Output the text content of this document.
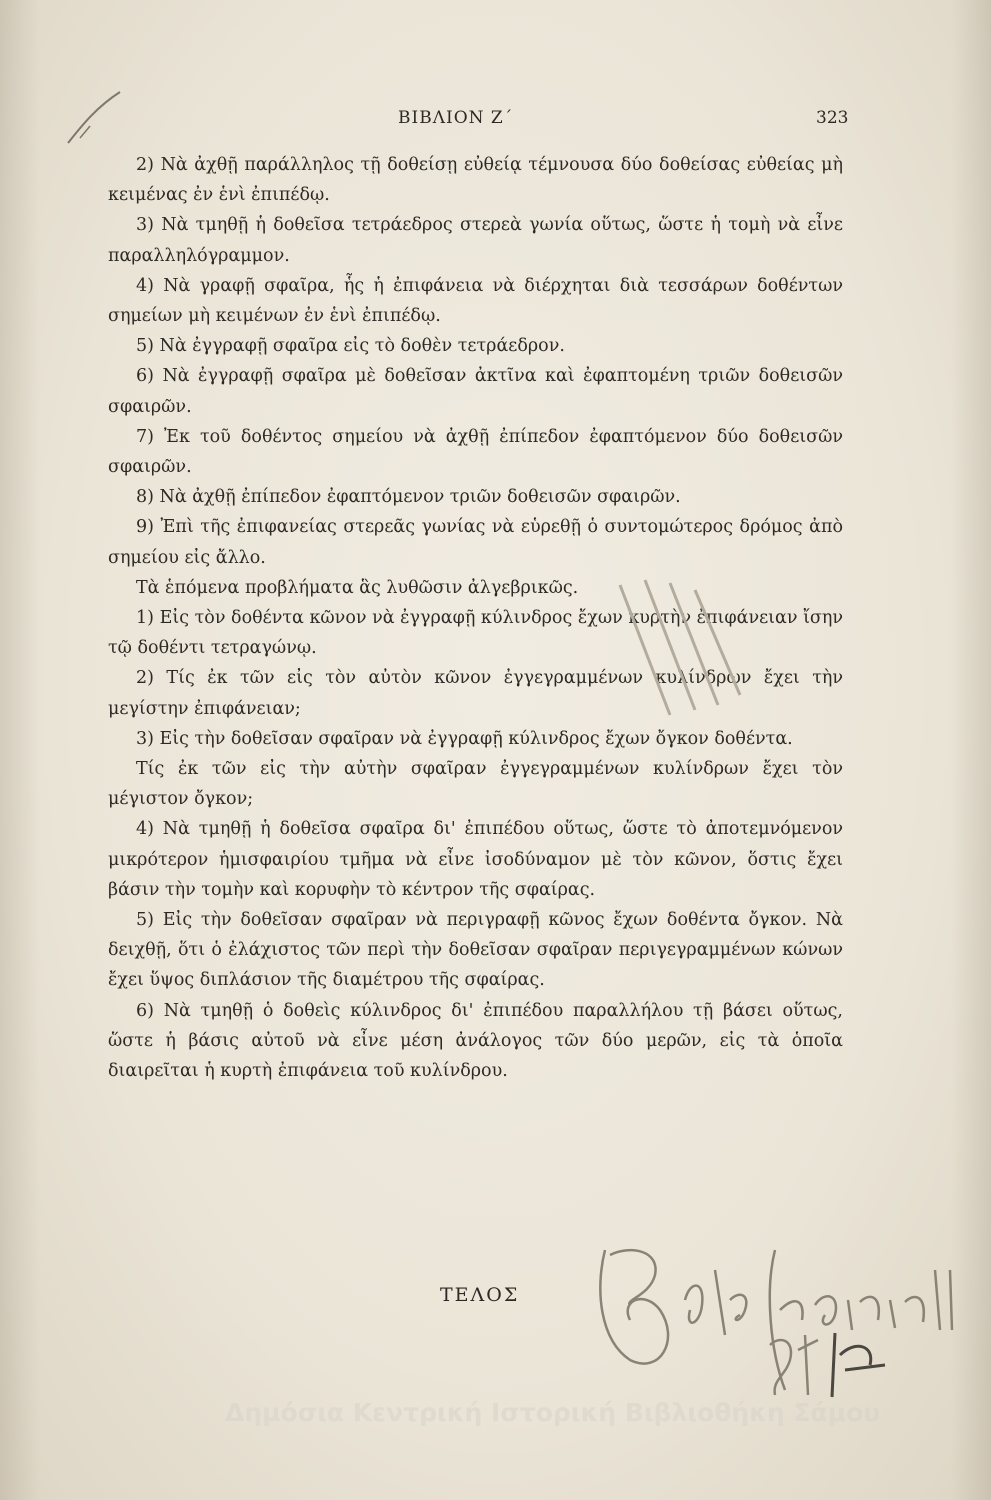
ΒΙΒΛΙΟΝ Ζ΄	323

2) Νὰ ἀχθῇ παράλληλος τῇ δοθείσῃ εὐθείᾳ τέμνουσα δύο δοθείσας εὐθείας μὴ κειμένας ἐν ἑνὶ ἐπιπέδῳ.

3) Νὰ τμηθῇ ἡ δοθεῖσα τετράεδρος στερεὰ γωνία οὕτως, ὥστε ἡ τομὴ νὰ εἶνε παραλληλόγραμμον.

4) Νὰ γραφῇ σφαῖρα, ἧς ἡ ἐπιφάνεια νὰ διέρχηται διὰ τεσσάρων δοθέντων σημείων μὴ κειμένων ἐν ἑνὶ ἐπιπέδῳ.

5) Νὰ ἐγγραφῇ σφαῖρα εἰς τὸ δοθὲν τετράεδρον.

6) Νὰ ἐγγραφῇ σφαῖρα μὲ δοθεῖσαν ἀκτῖνα καὶ ἐφαπτομένη τριῶν δοθεισῶν σφαιρῶν.

7) Ἐκ τοῦ δοθέντος σημείου νὰ ἀχθῇ ἐπίπεδον ἐφαπτόμενον δύο δοθεισῶν σφαιρῶν.

8) Νὰ ἀχθῇ ἐπίπεδον ἐφαπτόμενον τριῶν δοθεισῶν σφαιρῶν.

9) Ἐπὶ τῆς ἐπιφανείας στερεᾶς γωνίας νὰ εὑρεθῇ ὁ συντομώτερος δρόμος ἀπὸ σημείου εἰς ἄλλο.

Τὰ ἑπόμενα προβλήματα ἃς λυθῶσιν ἀλγεβρικῶς.

1) Εἰς τὸν δοθέντα κῶνον νὰ ἐγγραφῇ κύλινδρος ἔχων κυρτὴν ἐπιφάνειαν ἴσην τῷ δοθέντι τετραγώνῳ.

2) Τίς ἐκ τῶν εἰς τὸν αὐτὸν κῶνον ἐγγεγραμμένων κυλίνδρων ἔχει τὴν μεγίστην ἐπιφάνειαν;

3) Εἰς τὴν δοθεῖσαν σφαῖραν νὰ ἐγγραφῇ κύλινδρος ἔχων ὄγκον δοθέντα.

Τίς ἐκ τῶν εἰς τὴν αὐτὴν σφαῖραν ἐγγεγραμμένων κυλίνδρων ἔχει τὸν μέγιστον ὄγκον;

4) Νὰ τμηθῇ ἡ δοθεῖσα σφαῖρα δι' ἐπιπέδου οὕτως, ὥστε τὸ ἀποτεμνόμενον μικρότερον ἡμισφαιρίου τμῆμα νὰ εἶνε ἰσοδύναμον μὲ τὸν κῶνον, ὅστις ἔχει βάσιν τὴν τομὴν καὶ κορυφὴν τὸ κέντρον τῆς σφαίρας.

5) Εἰς τὴν δοθεῖσαν σφαῖραν νὰ περιγραφῇ κῶνος ἔχων δοθέντα ὄγκον. Νὰ δειχθῇ, ὅτι ὁ ἐλάχιστος τῶν περὶ τὴν δοθεῖσαν σφαῖραν περιγεγραμμένων κώνων ἔχει ὕψος διπλάσιον τῆς διαμέτρου τῆς σφαίρας.

6) Νὰ τμηθῇ ὁ δοθεὶς κύλινδρος δι' ἐπιπέδου παραλλήλου τῇ βάσει οὕτως, ὥστε ἡ βάσις αὐτοῦ νὰ εἶνε μέση ἀνάλογος τῶν δύο μερῶν, εἰς τὰ ὁποῖα διαιρεῖται ἡ κυρτὴ ἐπιφάνεια τοῦ κυλίνδρου.

ΤΕΛΟΣ
Δημόσια Κεντρική Ιστορική Βιβλιοθήκη Σάμου
